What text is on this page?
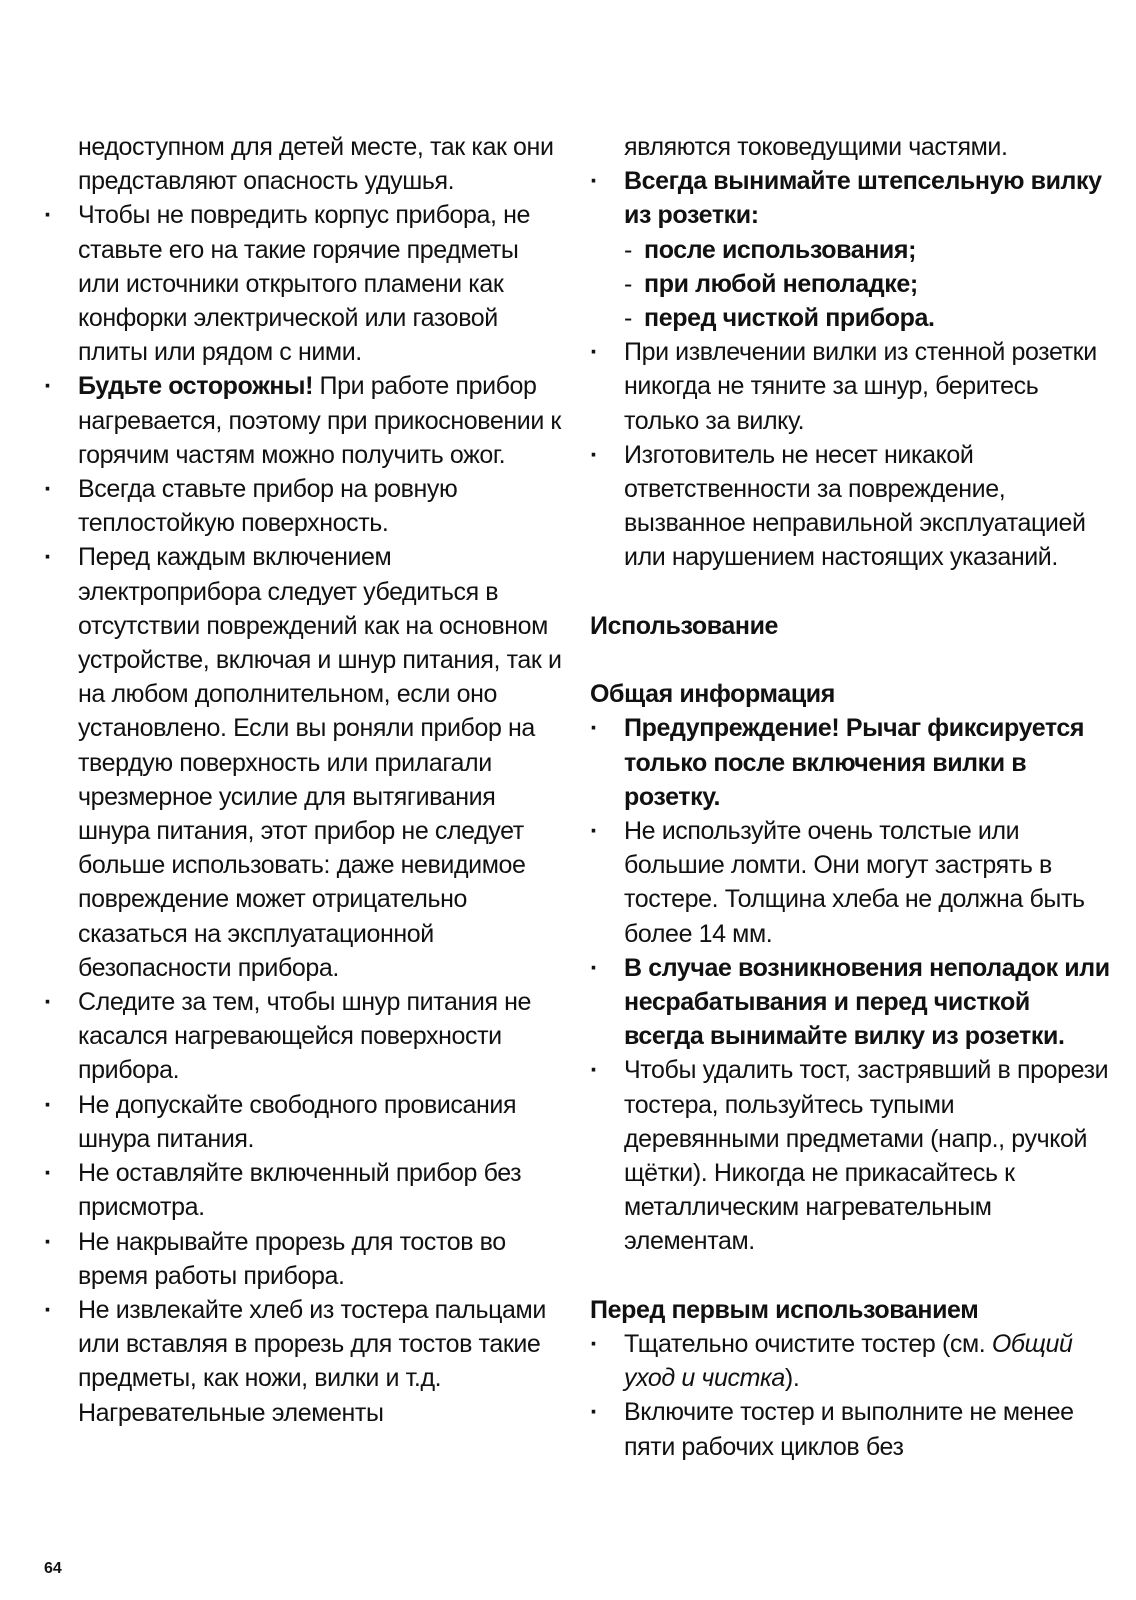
недоступном для детей месте, так как они представляют опасность удушья.

· Чтобы не повредить корпус прибора, не ставьте его на такие горячие предметы или источники открытого пламени как конфорки электрической или газовой плиты или рядом с ними.

· Будьте осторожны! При работе прибор нагревается, поэтому при прикосновении к горячим частям можно получить ожог.

· Всегда ставьте прибор на ровную теплостойкую поверхность.

· Перед каждым включением электроприбора следует убедиться в отсутствии повреждений как на основном устройстве, включая и шнур питания, так и на любом дополнительном, если оно установлено. Если вы роняли прибор на твердую поверхность или прилагали чрезмерное усилие для вытягивания шнура питания, этот прибор не следует больше использовать: даже невидимое повреждение может отрицательно сказаться на эксплуатационной безопасности прибора.

· Следите за тем, чтобы шнур питания не касался нагревающейся поверхности прибора.

· Не допускайте свободного провисания шнура питания.

· Не оставляйте включенный прибор без присмотра.

· Не накрывайте прорезь для тостов во время работы прибора.

· Не извлекайте хлеб из тостера пальцами или вставляя в прорезь для тостов такие предметы, как ножи, вилки и т.д. Нагревательные элементы

являются токоведущими частями.

· Всегда вынимайте штепсельную вилку из розетки:

- после использования;

- при любой неполадке;

- перед чисткой прибора.

· При извлечении вилки из стенной розетки никогда не тяните за шнур, беритесь только за вилку.

· Изготовитель не несет никакой ответственности за повреждение, вызванное неправильной эксплуатацией или нарушением настоящих указаний.

Использование

Общая информация

· Предупреждение! Рычаг фиксируется только после включения вилки в розетку.

· Не используйте очень толстые или большие ломти. Они могут застрять в тостере. Толщина хлеба не должна быть более 14 мм.

· В случае возникновения неполадок или несрабатывания и перед чисткой всегда вынимайте вилку из розетки.

· Чтобы удалить тост, застрявший в прорези тостера, пользуйтесь тупыми деревянными предметами (напр., ручкой щётки). Никогда не прикасайтесь к металлическим нагревательным элементам.

Перед первым использованием

· Тщательно очистите тостер (см. Общий уход и чистка).

· Включите тостер и выполните не менее пяти рабочих циклов без

64
